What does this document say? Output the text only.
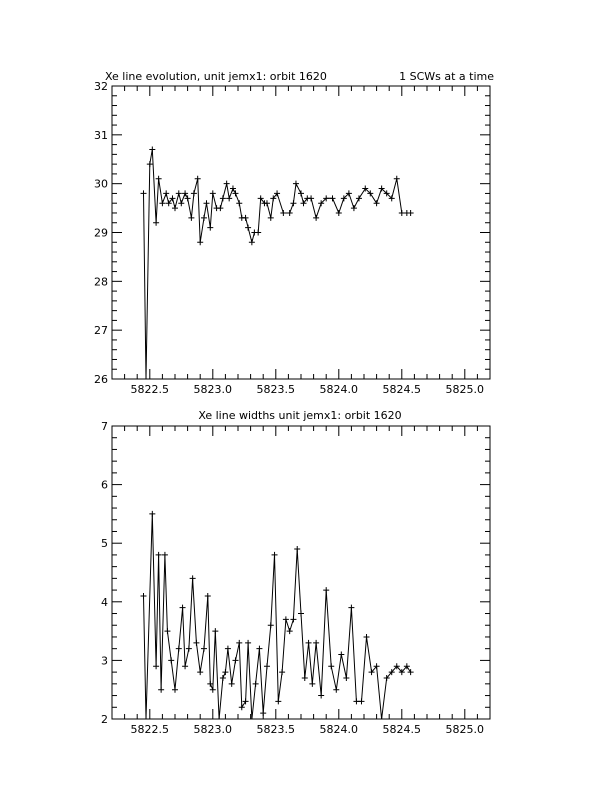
Xe line evolution, unit jemx1: orbit 1620	1 SCWs at a time
5822.5 5823.0 5823.5 5824.0 5824.5 5825.0
26
27
28
29
30
31
32
Xe line widths unit jemx1: orbit 1620
5822.5 5823.0 5823.5 5824.0 5824.5 5825.0
2
3
4
5
6
7
